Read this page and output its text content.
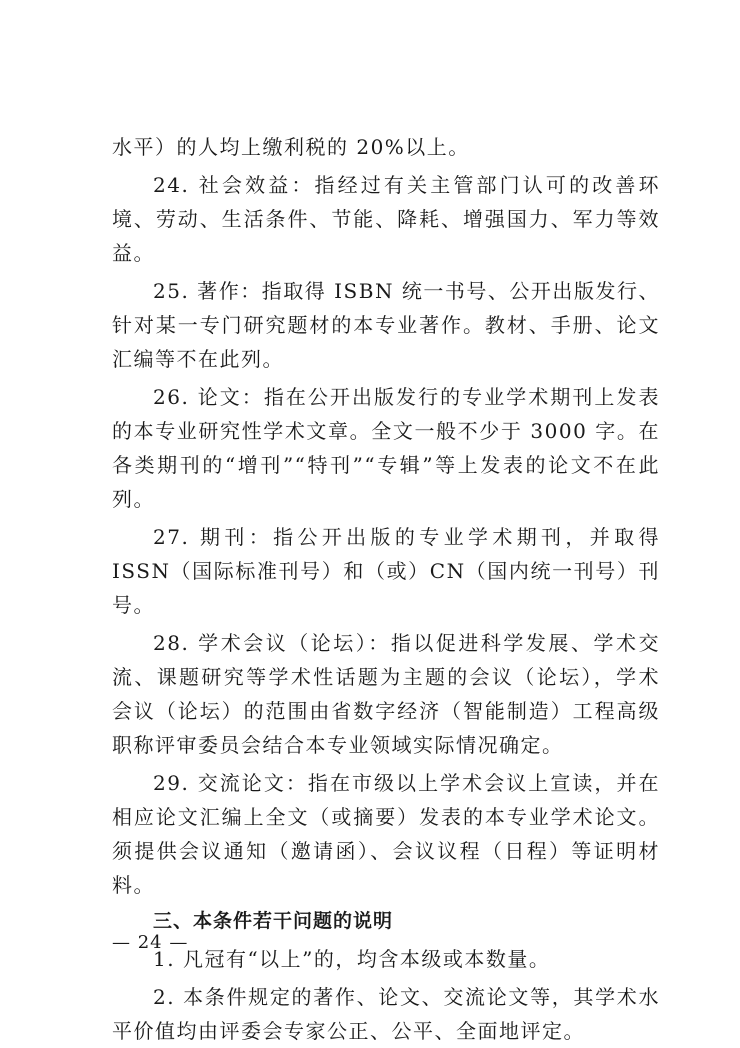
水平）的人均上缴利税的 20%以上。

24. 社会效益：指经过有关主管部门认可的改善环境、劳动、生活条件、节能、降耗、增强国力、军力等效益。

25. 著作：指取得 ISBN 统一书号、公开出版发行、针对某一专门研究题材的本专业著作。教材、手册、论文汇编等不在此列。

26. 论文：指在公开出版发行的专业学术期刊上发表的本专业研究性学术文章。全文一般不少于 3000 字。在各类期刊的“增刊”“特刊”“专辑”等上发表的论文不在此列。

27. 期刊：指公开出版的专业学术期刊，并取得 ISSN（国际标准刊号）和（或）CN（国内统一刊号）刊号。

28. 学术会议（论坛）：指以促进科学发展、学术交流、课题研究等学术性话题为主题的会议（论坛），学术会议（论坛）的范围由省数字经济（智能制造）工程高级职称评审委员会结合本专业领域实际情况确定。

29. 交流论文：指在市级以上学术会议上宣读，并在相应论文汇编上全文（或摘要）发表的本专业学术论文。须提供会议通知（邀请函）、会议议程（日程）等证明材料。

三、本条件若干问题的说明

1. 凡冠有“以上”的，均含本级或本数量。

2. 本条件规定的著作、论文、交流论文等，其学术水平价值均由评委会专家公正、公平、全面地评定。

— 24 —
